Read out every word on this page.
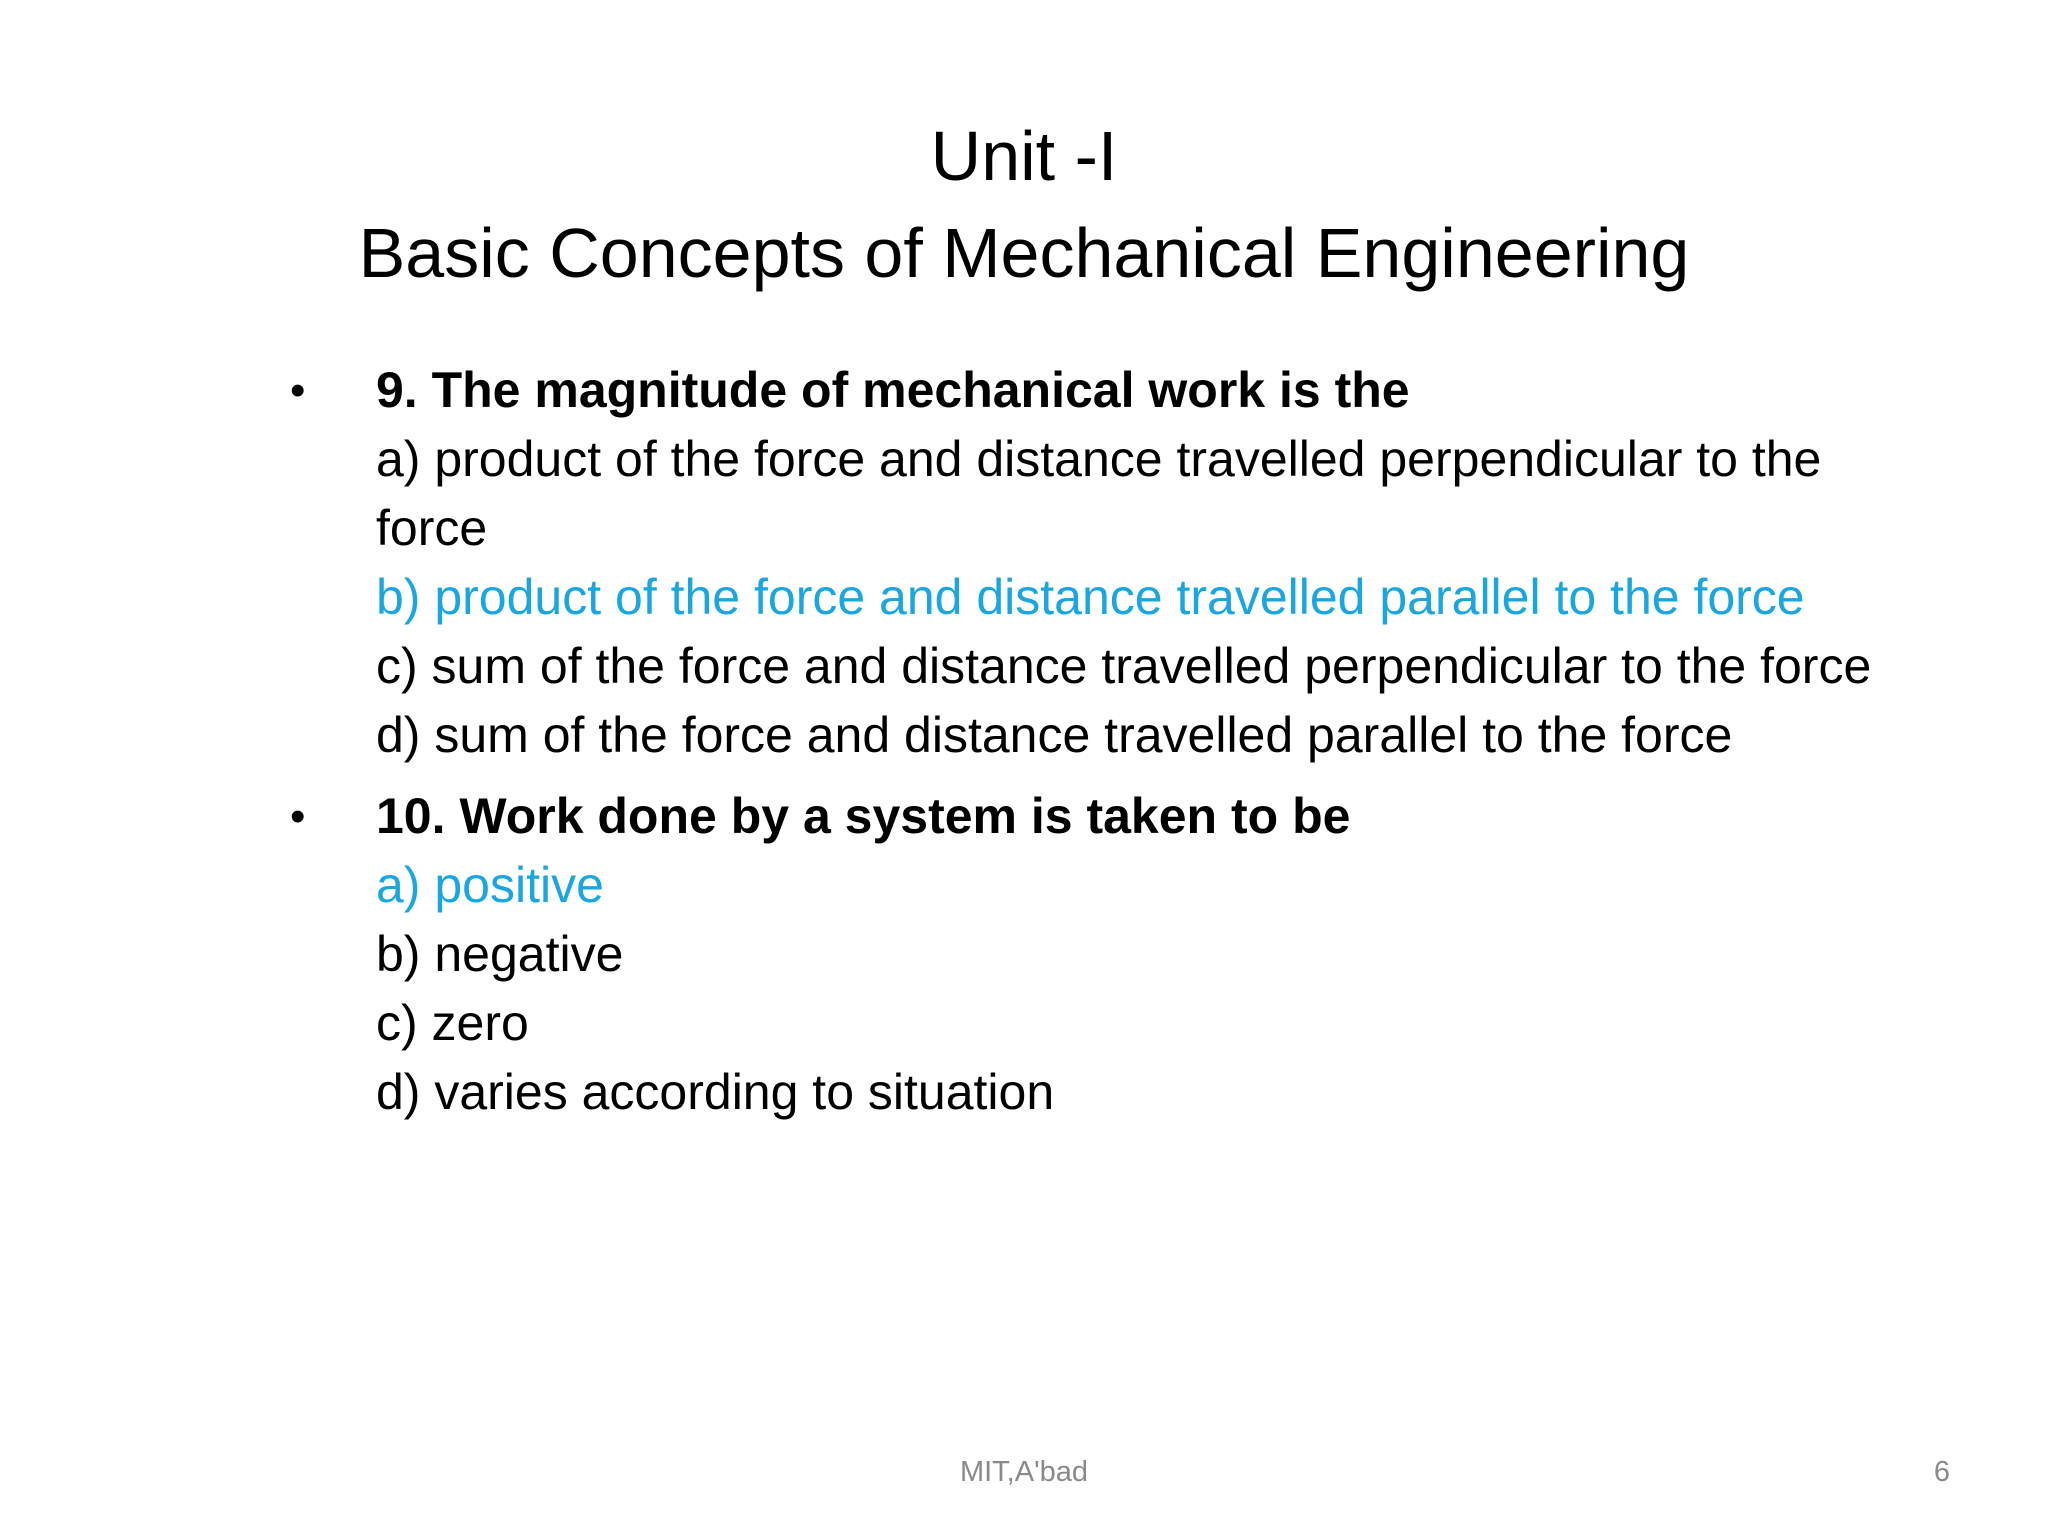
Unit -I
Basic Concepts of Mechanical Engineering
•	9. The magnitude of mechanical work is the
a) product of the force and distance travelled perpendicular to the force
b) product of the force and distance travelled parallel to the force
c) sum of the force and distance travelled perpendicular to the force
d) sum of the force and distance travelled parallel to the force
•	10. Work done by a system is taken to be
a) positive
b) negative
c) zero
d) varies according to situation
MIT,A'bad	6
